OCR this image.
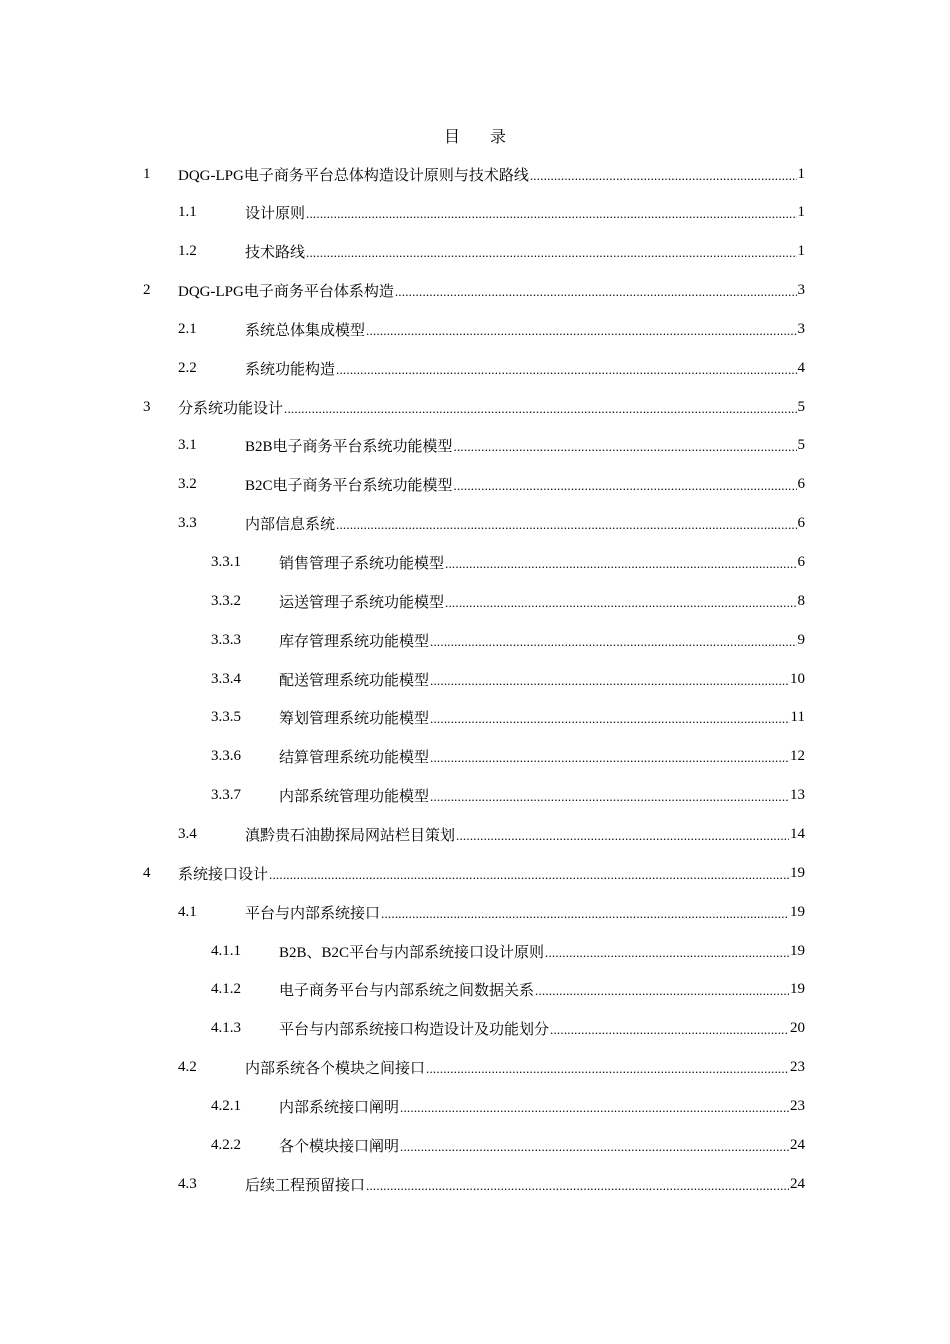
目 录
1	DQG-LPG电子商务平台总体构造设计原则与技术路线 .....	1
1.1	设计原则 .....	1
1.2	技术路线 .....	1
2	DQG-LPG电子商务平台体系构造 .....	3
2.1	系统总体集成模型 .....	3
2.2	系统功能构造 .....	4
3	分系统功能设计 .....	5
3.1	B2B电子商务平台系统功能模型 .....	5
3.2	B2C电子商务平台系统功能模型 .....	6
3.3	内部信息系统 .....	6
3.3.1	销售管理子系统功能模型 .....	6
3.3.2	运送管理子系统功能模型 .....	8
3.3.3	库存管理系统功能模型 .....	9
3.3.4	配送管理系统功能模型 .....	10
3.3.5	筹划管理系统功能模型 .....	11
3.3.6	结算管理系统功能模型 .....	12
3.3.7	内部系统管理功能模型 .....	13
3.4	滇黔贵石油勘探局网站栏目策划 .....	14
4	系统接口设计 .....	19
4.1	平台与内部系统接口 .....	19
4.1.1	B2B、B2C平台与内部系统接口设计原则 .....	19
4.1.2	电子商务平台与内部系统之间数据关系 .....	19
4.1.3	平台与内部系统接口构造设计及功能划分 .....	20
4.2	内部系统各个模块之间接口 .....	23
4.2.1	内部系统接口阐明 .....	23
4.2.2	各个模块接口阐明 .....	24
4.3	后续工程预留接口 .....	24
